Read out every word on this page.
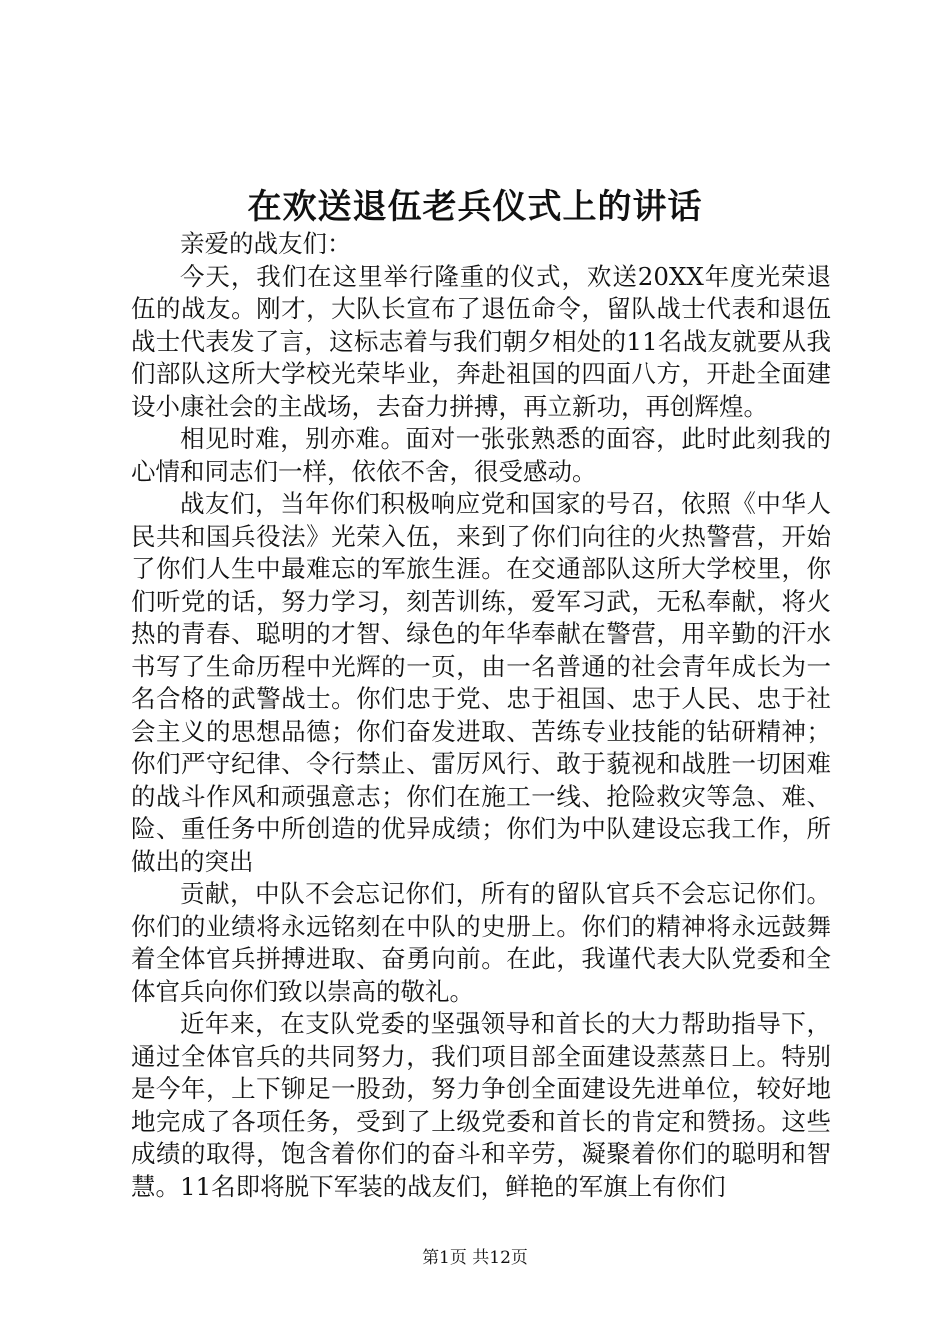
在欢送退伍老兵仪式上的讲话

亲爱的战友们：

今天，我们在这里举行隆重的仪式，欢送20XX年度光荣退伍的战友。刚才，大队长宣布了退伍命令，留队战士代表和退伍战士代表发了言，这标志着与我们朝夕相处的11名战友就要从我们部队这所大学校光荣毕业，奔赴祖国的四面八方，开赴全面建设小康社会的主战场，去奋力拼搏，再立新功，再创辉煌。

相见时难，别亦难。面对一张张熟悉的面容，此时此刻我的心情和同志们一样，依依不舍，很受感动。

战友们，当年你们积极响应党和国家的号召，依照《中华人民共和国兵役法》光荣入伍，来到了你们向往的火热警营，开始了你们人生中最难忘的军旅生涯。在交通部队这所大学校里，你们听党的话，努力学习，刻苦训练，爱军习武，无私奉献，将火热的青春、聪明的才智、绿色的年华奉献在警营，用辛勤的汗水书写了生命历程中光辉的一页，由一名普通的社会青年成长为一名合格的武警战士。你们忠于党、忠于祖国、忠于人民、忠于社会主义的思想品德；你们奋发进取、苦练专业技能的钻研精神；你们严守纪律、令行禁止、雷厉风行、敢于藐视和战胜一切困难的战斗作风和顽强意志；你们在施工一线、抢险救灾等急、难、险、重任务中所创造的优异成绩；你们为中队建设忘我工作，所做出的突出

贡献，中队不会忘记你们，所有的留队官兵不会忘记你们。你们的业绩将永远铭刻在中队的史册上。你们的精神将永远鼓舞着全体官兵拼搏进取、奋勇向前。在此，我谨代表大队党委和全体官兵向你们致以崇高的敬礼。

近年来，在支队党委的坚强领导和首长的大力帮助指导下，通过全体官兵的共同努力，我们项目部全面建设蒸蒸日上。特别是今年，上下铆足一股劲，努力争创全面建设先进单位，较好地地完成了各项任务，受到了上级党委和首长的肯定和赞扬。这些成绩的取得，饱含着你们的奋斗和辛劳，凝聚着你们的聪明和智慧。11名即将脱下军装的战友们，鲜艳的军旗上有你们

第1页 共12页
